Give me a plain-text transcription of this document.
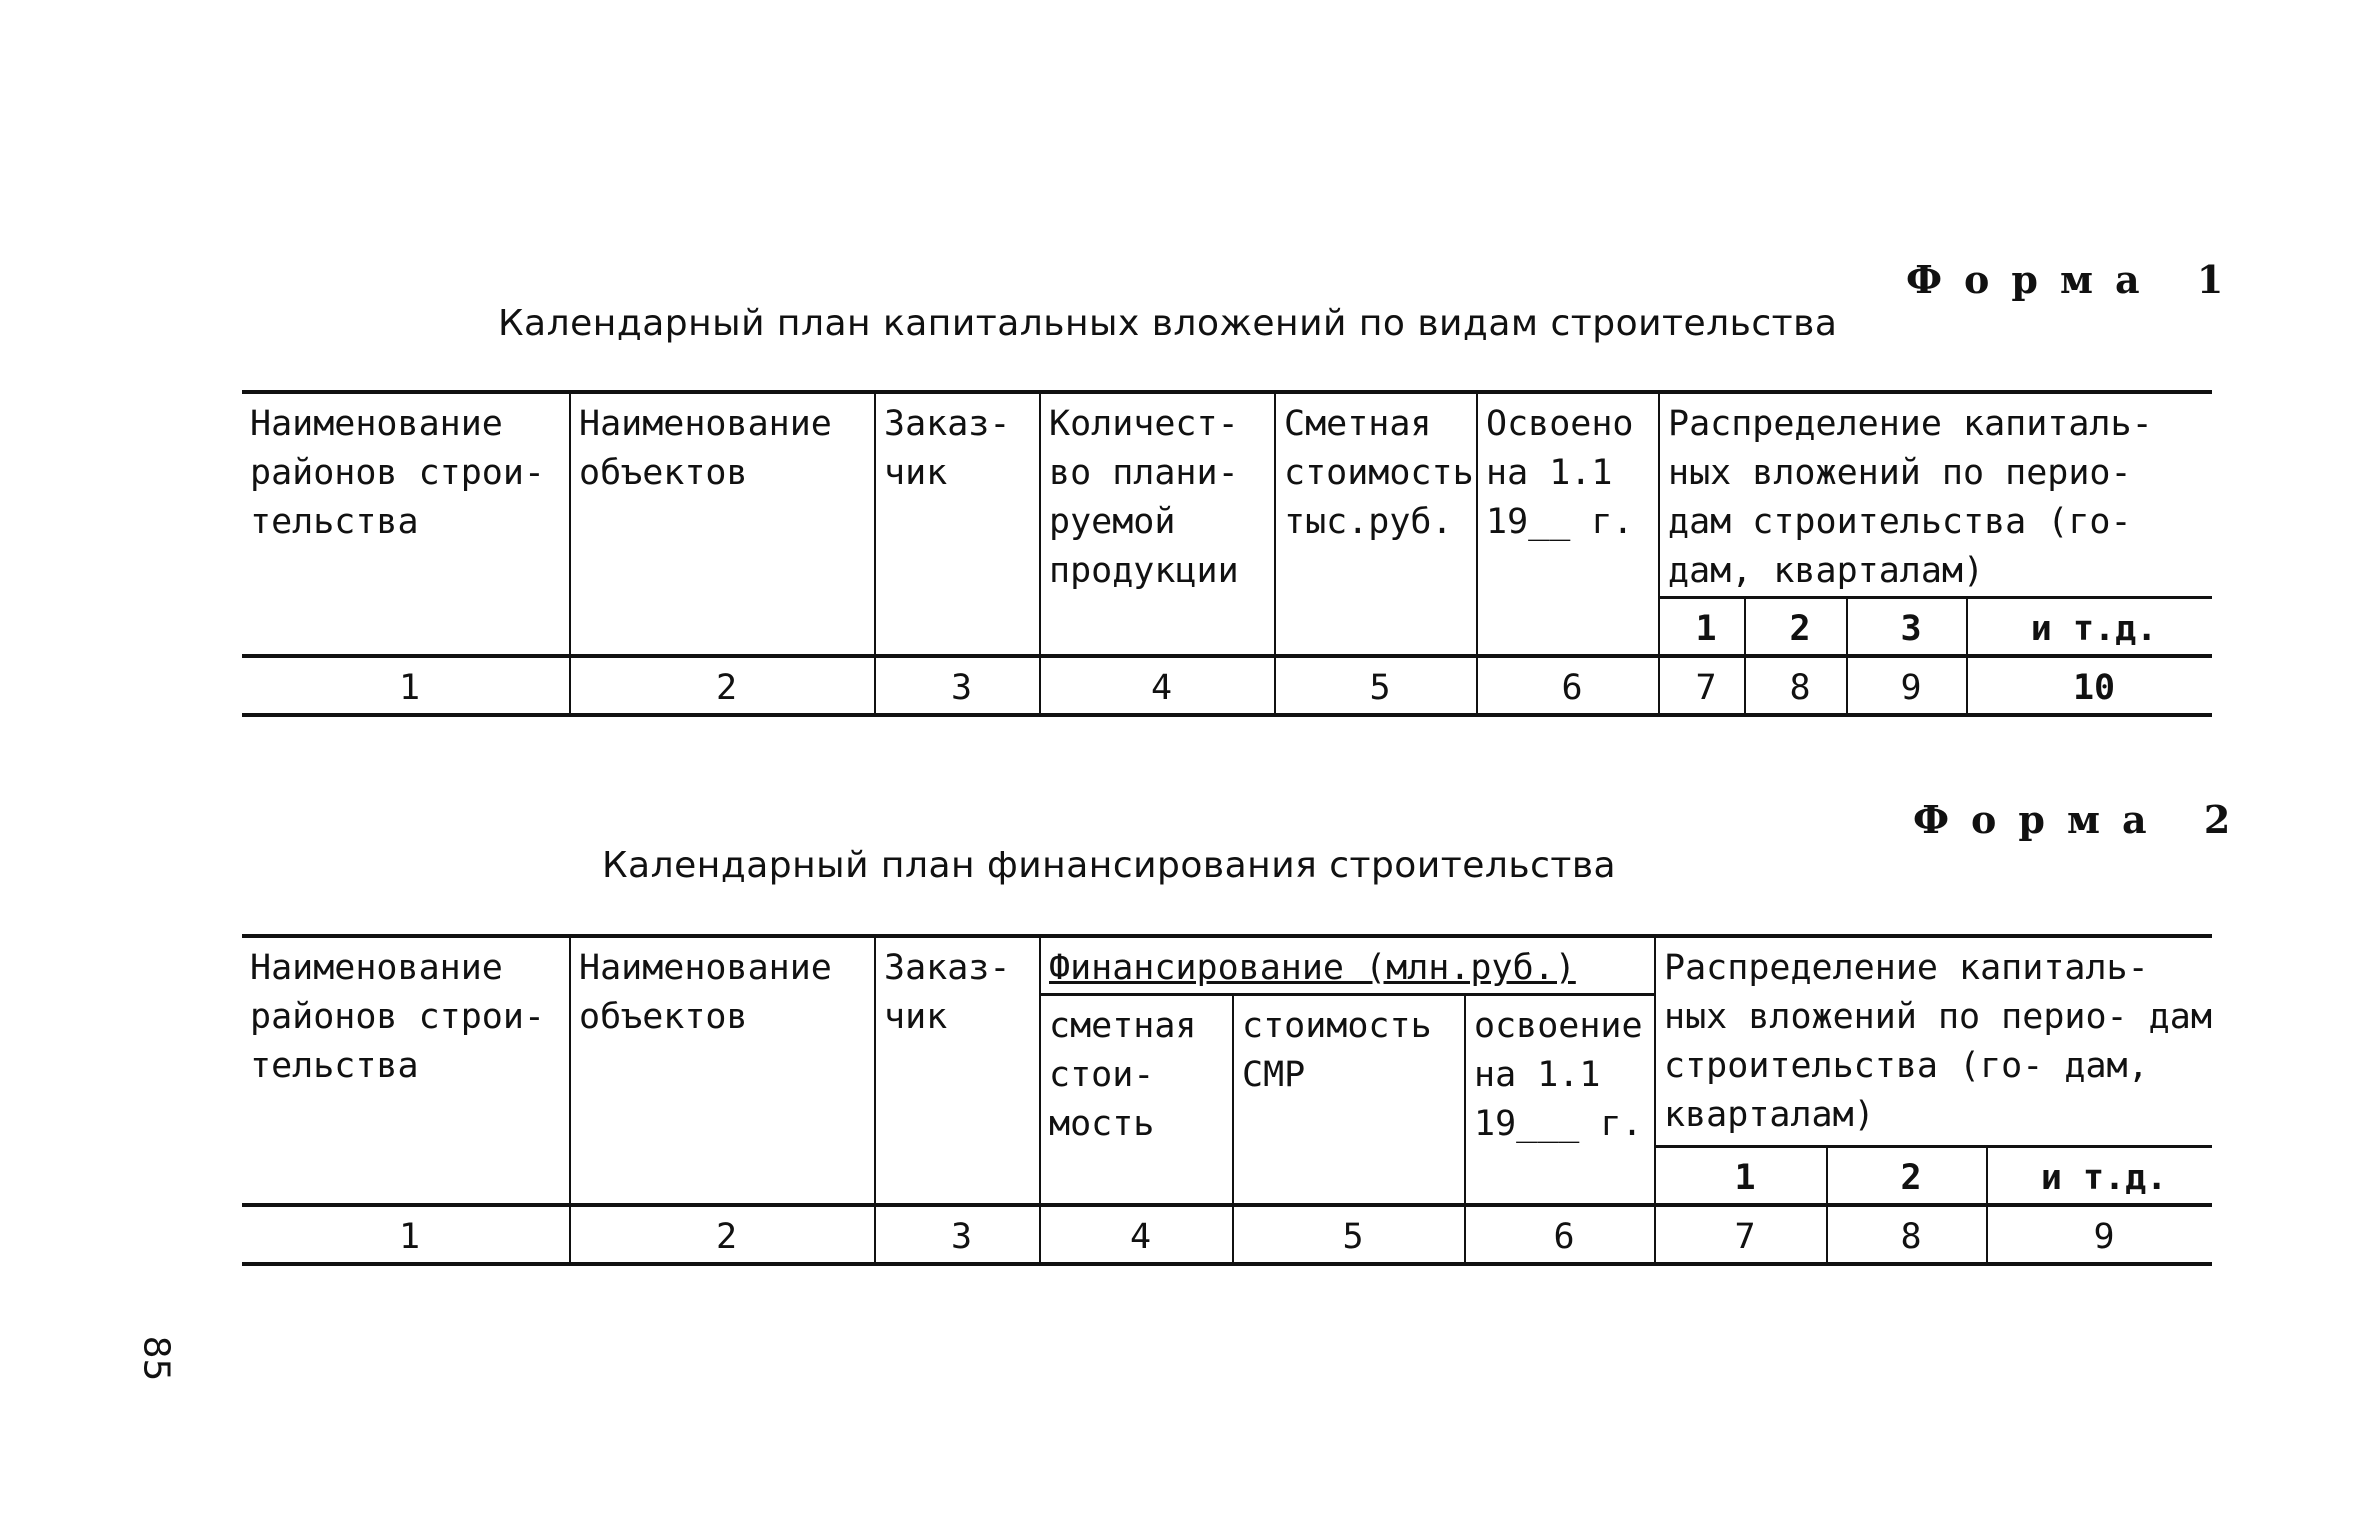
Форма 1
Календарный план капитальных вложений по видам строительства
Наименование районов строи- тельства	Наименование объектов	Заказ- чик	Количест- во плани- руемой продукции	Сметная стоимость тыс.руб.	Освоено на 1.1 19__ г.	Распределение капиталь- ных вложений по перио- дам строительства (го- дам, кварталам)			
						1	2	3	и т.д.
1	2	3	4	5	6	7	8	9	10
Форма 2
Календарный план финансирования строительства
Наименование районов строи- тельства	Наименование объектов	Заказ- чик	Финансирование (млн.руб.)			Распределение капиталь- ных вложений по перио- дам строительства (го- дам, кварталам)		
			сметная стои- мость	стоимость СМР	освоение на 1.1 19___ г.			
						1	2	и т.д.
1	2	3	4	5	6	7	8	9
85
